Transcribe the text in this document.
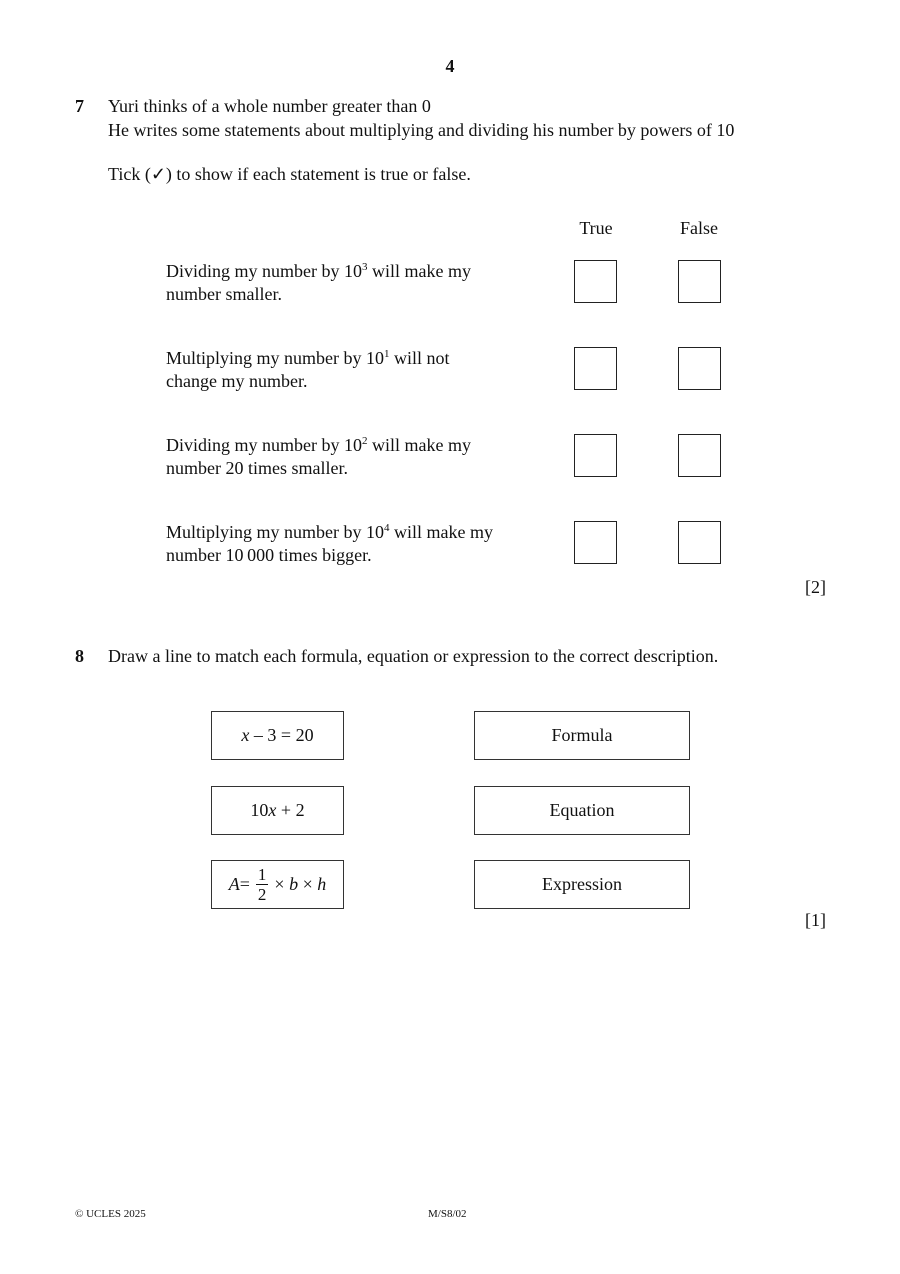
4
7 Yuri thinks of a whole number greater than 0
He writes some statements about multiplying and dividing his number by powers of 10
Tick (✓) to show if each statement is true or false.
True	False
Dividing my number by $10^3$ will make my
number smaller.
Multiplying my number by $10^1$ will not
change my number.
Dividing my number by $10^2$ will make my
number 20 times smaller.
Multiplying my number by $10^4$ will make my
number 10 000 times bigger.
[2]
8 Draw a line to match each formula, equation or expression to the correct description.
x – 3 = 20
10x + 2
$A = \frac{1}{2} \times b \times h$
Formula
Equation
Expression
[1]
© UCLES 2025	M/S8/02
